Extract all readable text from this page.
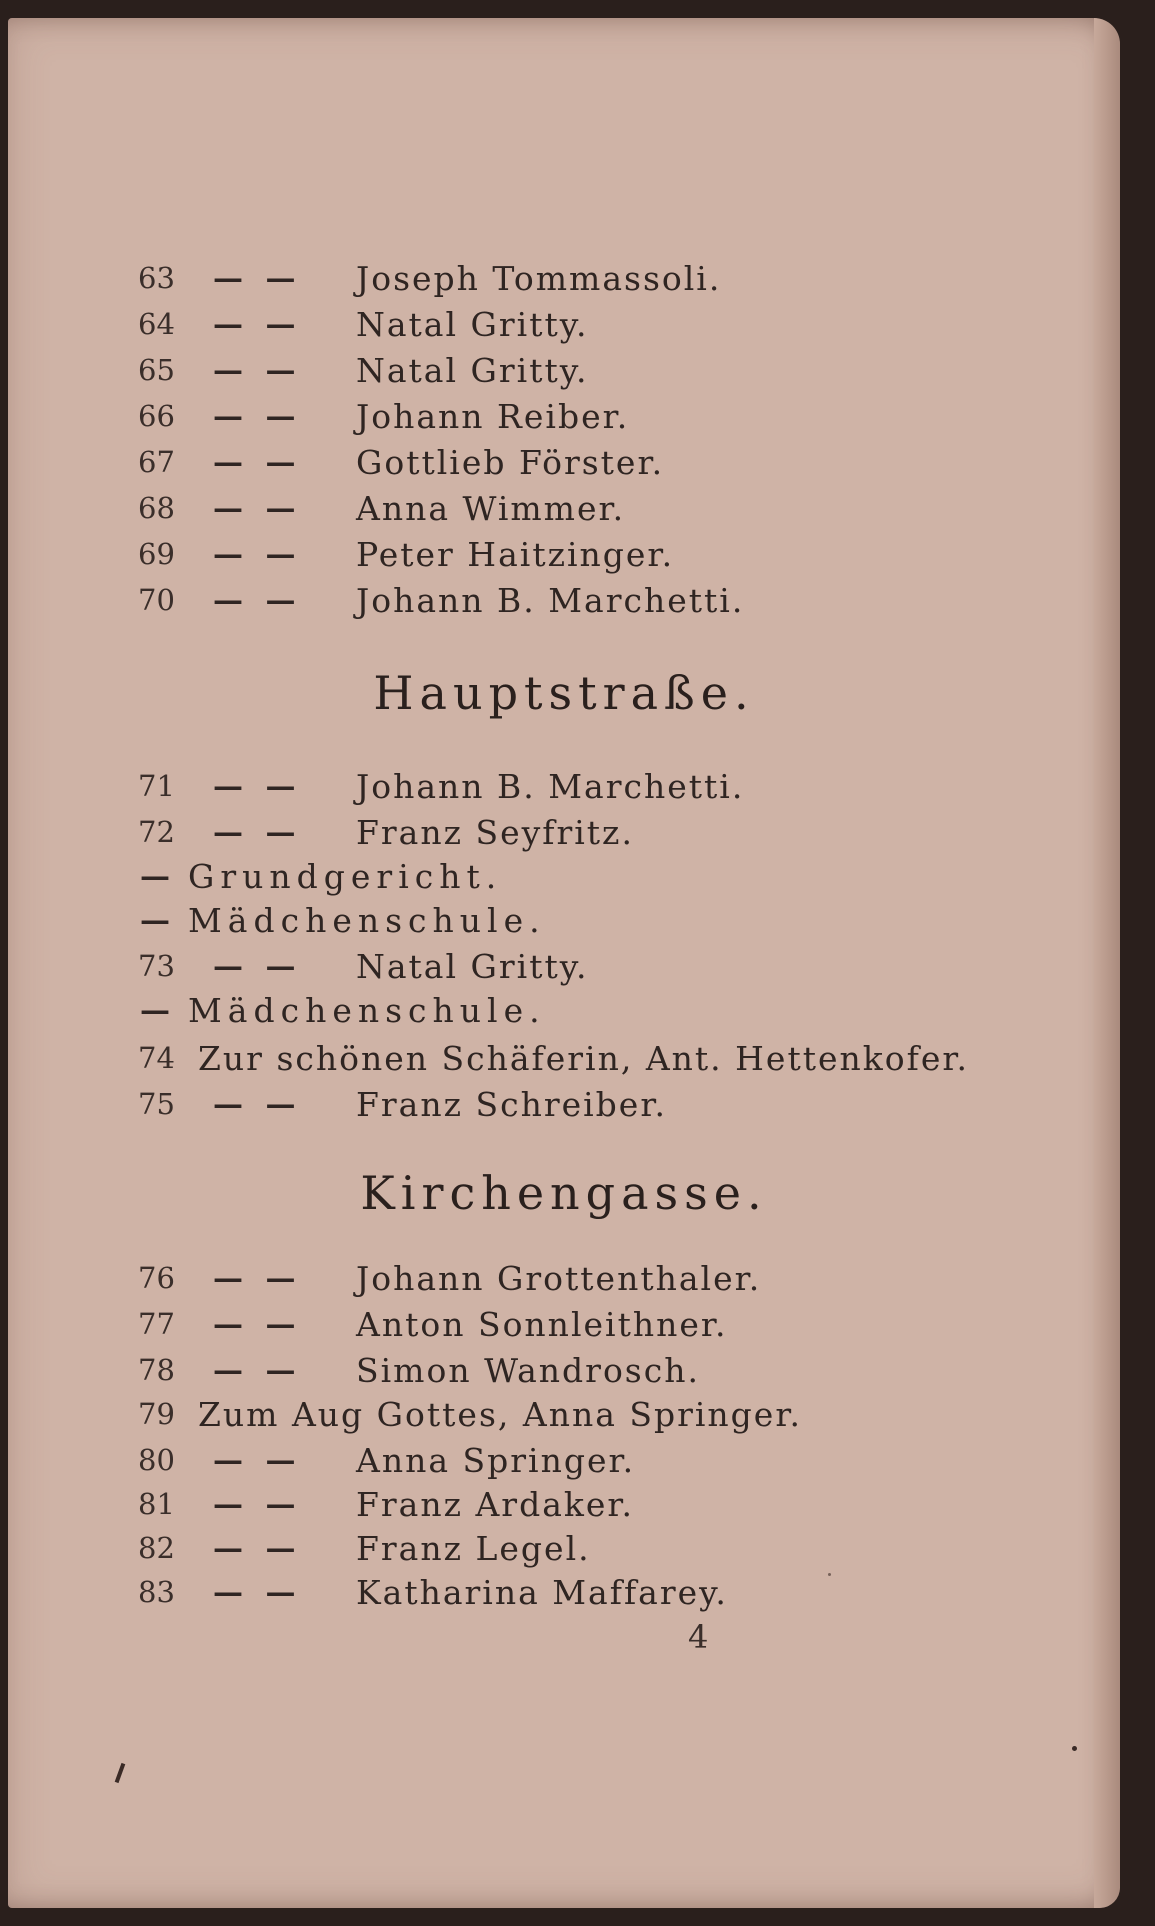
63	— —	Joseph Tommassoli.
64	— —	Natal Gritty.
65	— —	Natal Gritty.
66	— —	Johann Reiber.
67	— —	Gottlieb Förster.
68	— —	Anna Wimmer.
69	— —	Peter Haitzinger.
70	— —	Johann B. Marchetti.
Hauptstraße.
71	— —	Johann B. Marchetti.
72	— —	Franz Seyfritz.
— Grundgericht.
— Mädchenschule.
73	— —	Natal Gritty.
— Mädchenschule.
74 Zur schönen Schäferin, Ant. Hettenkofer.
75	— —	Franz Schreiber.
Kirchengasse.
76	— —	Johann Grottenthaler.
77	— —	Anton Sonnleithner.
78	— —	Simon Wandrosch.
79 Zum Aug Gottes, Anna Springer.
80	— —	Anna Springer.
81	— —	Franz Ardaker.
82	— —	Franz Legel.
83	— —	Katharina Maffarey.
4
